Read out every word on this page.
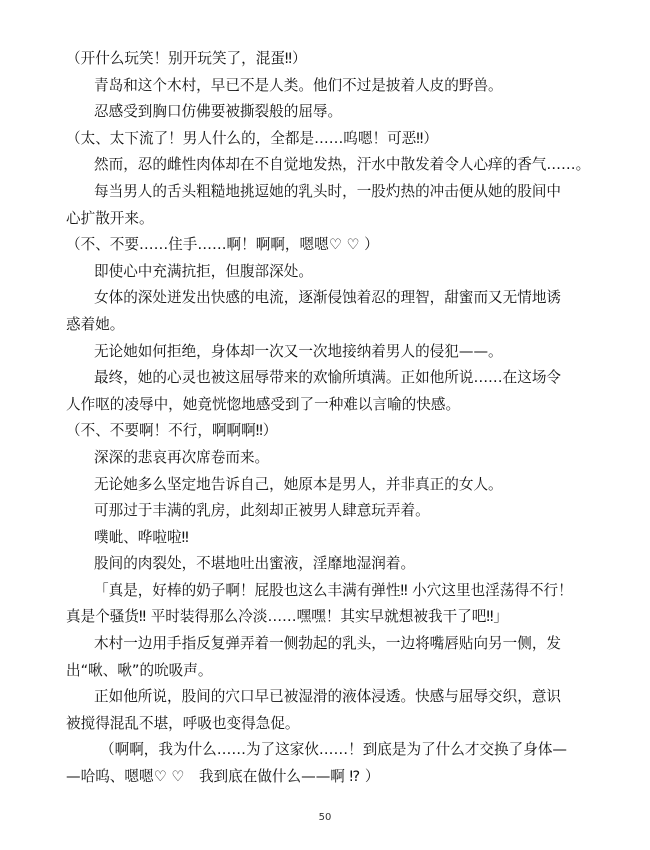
（开什么玩笑！别开玩笑了，混蛋‼）
青岛和这个木村，早已不是人类。他们不过是披着人皮的野兽。
忍感受到胸口仿佛要被撕裂般的屈辱。
（太、太下流了！男人什么的，全都是……呜嗯！可恶‼）
然而，忍的雌性肉体却在不自觉地发热，汗水中散发着令人心痒的香气……。
每当男人的舌头粗糙地挑逗她的乳头时，一股灼热的冲击便从她的股间中
心扩散开来。
（不、不要……住手……啊！啊啊，嗯嗯♡ ♡ ）
即使心中充满抗拒，但腹部深处。
女体的深处迸发出快感的电流，逐渐侵蚀着忍的理智，甜蜜而又无情地诱
惑着她。
无论她如何拒绝，身体却一次又一次地接纳着男人的侵犯——。
最终，她的心灵也被这屈辱带来的欢愉所填满。正如他所说……在这场令
人作呕的凌辱中，她竟恍惚地感受到了一种难以言喻的快感。
（不、不要啊！不行，啊啊啊‼）
深深的悲哀再次席卷而来。
无论她多么坚定地告诉自己，她原本是男人，并非真正的女人。
可那过于丰满的乳房，此刻却正被男人肆意玩弄着。
噗呲、哗啦啦‼
股间的肉裂处，不堪地吐出蜜液，淫靡地湿润着。
「真是，好棒的奶子啊！屁股也这么丰满有弹性‼ 小穴这里也淫荡得不行！
真是个骚货‼ 平时装得那么冷淡……嘿嘿！其实早就想被我干了吧‼」
木村一边用手指反复弹弄着一侧勃起的乳头，一边将嘴唇贴向另一侧，发
出“啾、啾”的吮吸声。
正如他所说，股间的穴口早已被湿滑的液体浸透。快感与屈辱交织，意识
被搅得混乱不堪，呼吸也变得急促。
（啊啊，我为什么……为了这家伙……！到底是为了什么才交换了身体—
—哈呜、嗯嗯♡ ♡　我到底在做什么——啊 ⁉ ）
50
